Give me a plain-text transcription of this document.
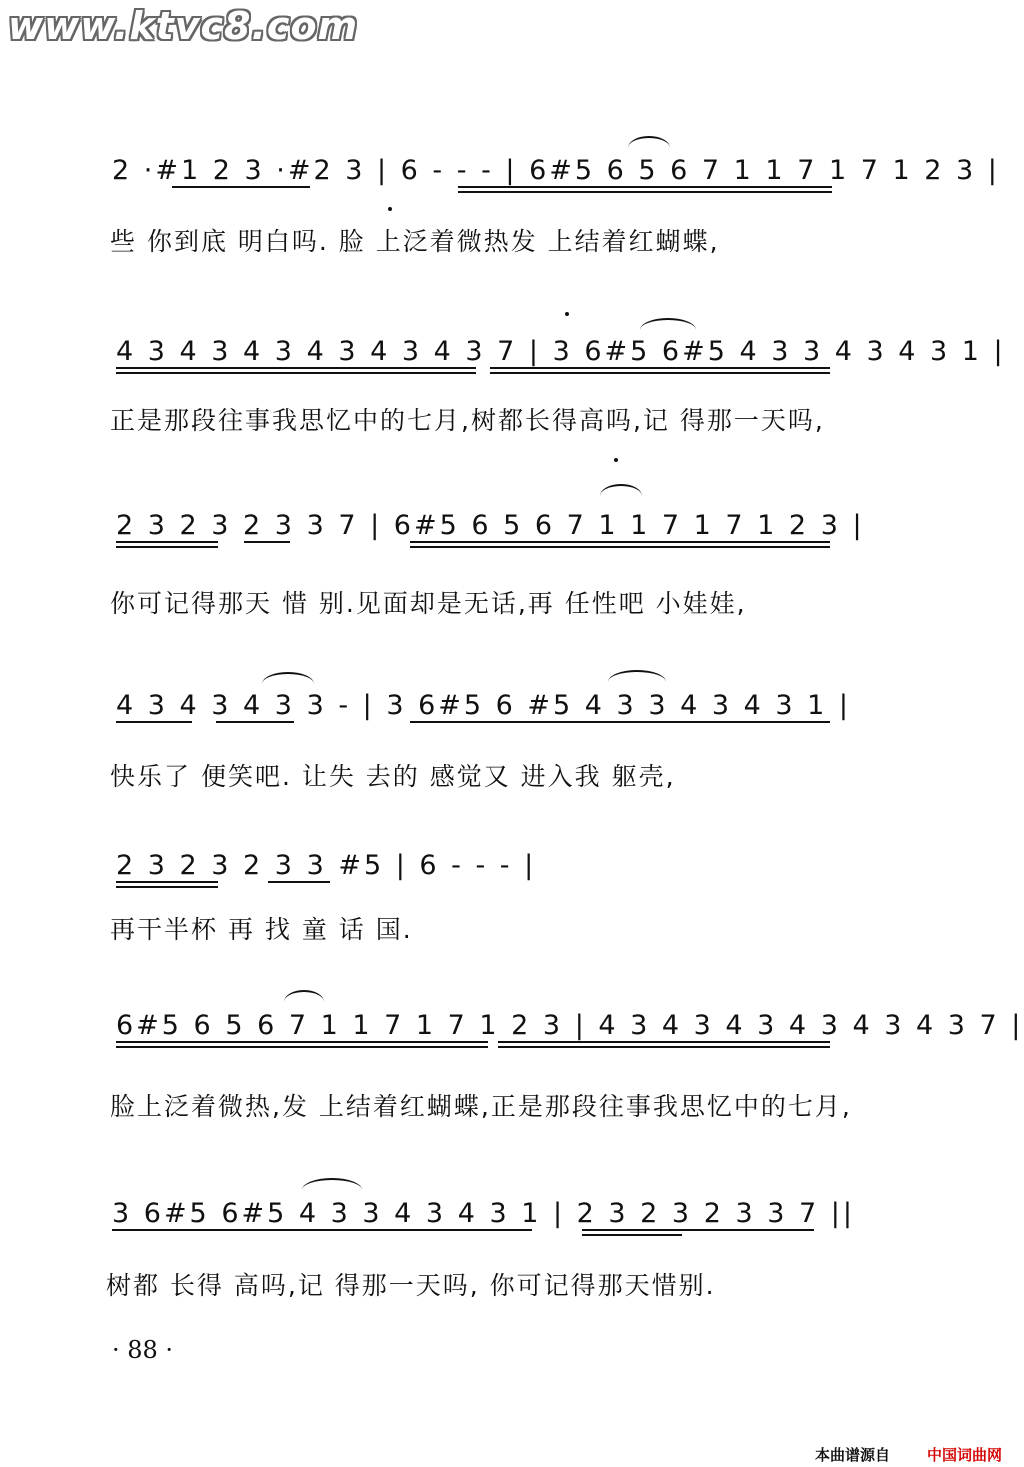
www.ktvc8.com
2 ·#1 2 3 ·#2 3 | 6 - - - | 6#5 6 5 6 7 1 1 7 1 7 1 2 3 |
些 你到底 明白吗. 脸 上泛着微热发 上结着红蝴蝶,
4 3 4 3 4 3 4 3 4 3 4 3 7 | 3 6#5 6#5 4 3 3 4 3 4 3 1 |
正是那段往事我思忆中的七月,树都长得高吗,记 得那一天吗,
2 3 2 3 2 3 3 7 | 6#5 6 5 6 7 1 1 7 1 7 1 2 3 |
你可记得那天 惜 别.见面却是无话,再 任性吧 小娃娃,
4 3 4 3 4 3 3 - | 3 6#5 6 #5 4 3 3 4 3 4 3 1 |
快乐了 便笑吧. 让失 去的 感觉又 进入我 躯壳,
2 3 2 3 2 3 3 #5 | 6 - - - |
再干半杯 再 找 童 话 国.
6#5 6 5 6 7 1 1 7 1 7 1 2 3 | 4 3 4 3 4 3 4 3 4 3 4 3 7 |
脸上泛着微热,发 上结着红蝴蝶,正是那段往事我思忆中的七月,
3 6#5 6#5 4 3 3 4 3 4 3 1 | 2 3 2 3 2 3 3 7 ||
树都 长得 高吗,记 得那一天吗, 你可记得那天惜别.
· 88 ·
本曲谱源自 中国词曲网
